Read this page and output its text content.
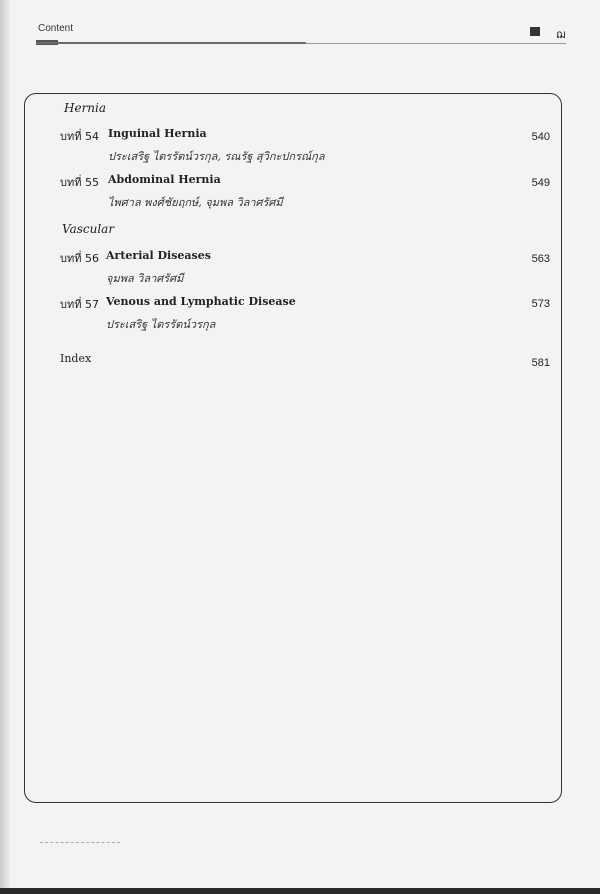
Content	ฌ
Hernia
บทที่ 54 Inguinal Hernia
ประเสริฐ ไตรรัตน์วรกุล, รณรัฐ สุวิกะปกรณ์กุล
540
บทที่ 55 Abdominal Hernia
ไพศาล พงศ์ชัยฤกษ์, จุมพล วิลาศรัศมี
549
Vascular
บทที่ 56 Arterial Diseases
จุมพล วิลาศรัศมี
563
บทที่ 57 Venous and Lymphatic Disease
ประเสริฐ ไตรรัตน์วรกุล
573
Index	581
